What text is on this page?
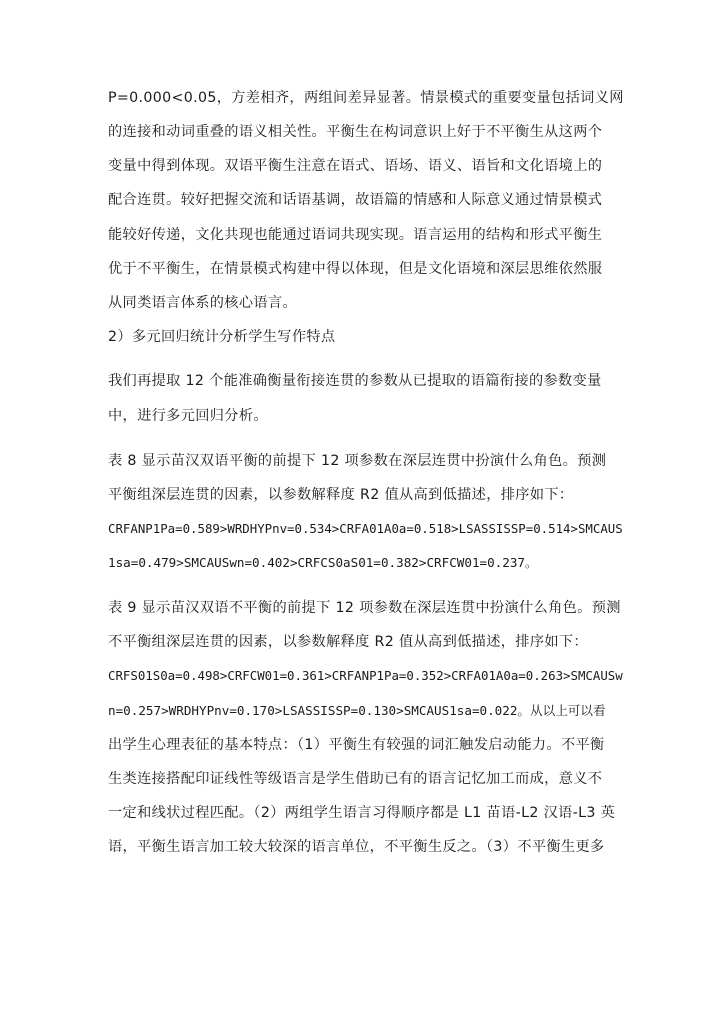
P=0.000<0.05，方差相齐，两组间差异显著。情景模式的重要变量包括词义网
的连接和动词重叠的语义相关性。平衡生在构词意识上好于不平衡生从这两个
变量中得到体现。双语平衡生注意在语式、语场、语义、语旨和文化语境上的
配合连贯。较好把握交流和话语基调，故语篇的情感和人际意义通过情景模式
能较好传递，文化共现也能通过语词共现实现。语言运用的结构和形式平衡生
优于不平衡生，在情景模式构建中得以体现，但是文化语境和深层思维依然服
从同类语言体系的核心语言。
2）多元回归统计分析学生写作特点
我们再提取 12 个能准确衡量衔接连贯的参数从已提取的语篇衔接的参数变量
中，进行多元回归分析。
表 8 显示苗汉双语平衡的前提下 12 项参数在深层连贯中扮演什么角色。预测
平衡组深层连贯的因素，以参数解释度 R2 值从高到低描述，排序如下：
CRFANP1Pa=0.589>WRDHYPnv=0.534>CRFA01A0a=0.518>LSASSISSP=0.514>SMCAUS
1sa=0.479>SMCAUSwn=0.402>CRFCS0aS01=0.382>CRFCW01=0.237。
表 9 显示苗汉双语不平衡的前提下 12 项参数在深层连贯中扮演什么角色。预测
不平衡组深层连贯的因素，以参数解释度 R2 值从高到低描述，排序如下：
CRFS01S0a=0.498>CRFCW01=0.361>CRFANP1Pa=0.352>CRFA01A0a=0.263>SMCAUSw
n=0.257>WRDHYPnv=0.170>LSASSISSP=0.130>SMCAUS1sa=0.022。从以上可以看
出学生心理表征的基本特点：（1）平衡生有较强的词汇触发启动能力。不平衡
生类连接搭配印证线性等级语言是学生借助已有的语言记忆加工而成，意义不
一定和线状过程匹配。（2）两组学生语言习得顺序都是 L1 苗语-L2 汉语-L3 英
语，平衡生语言加工较大较深的语言单位，不平衡生反之。（3）不平衡生更多
